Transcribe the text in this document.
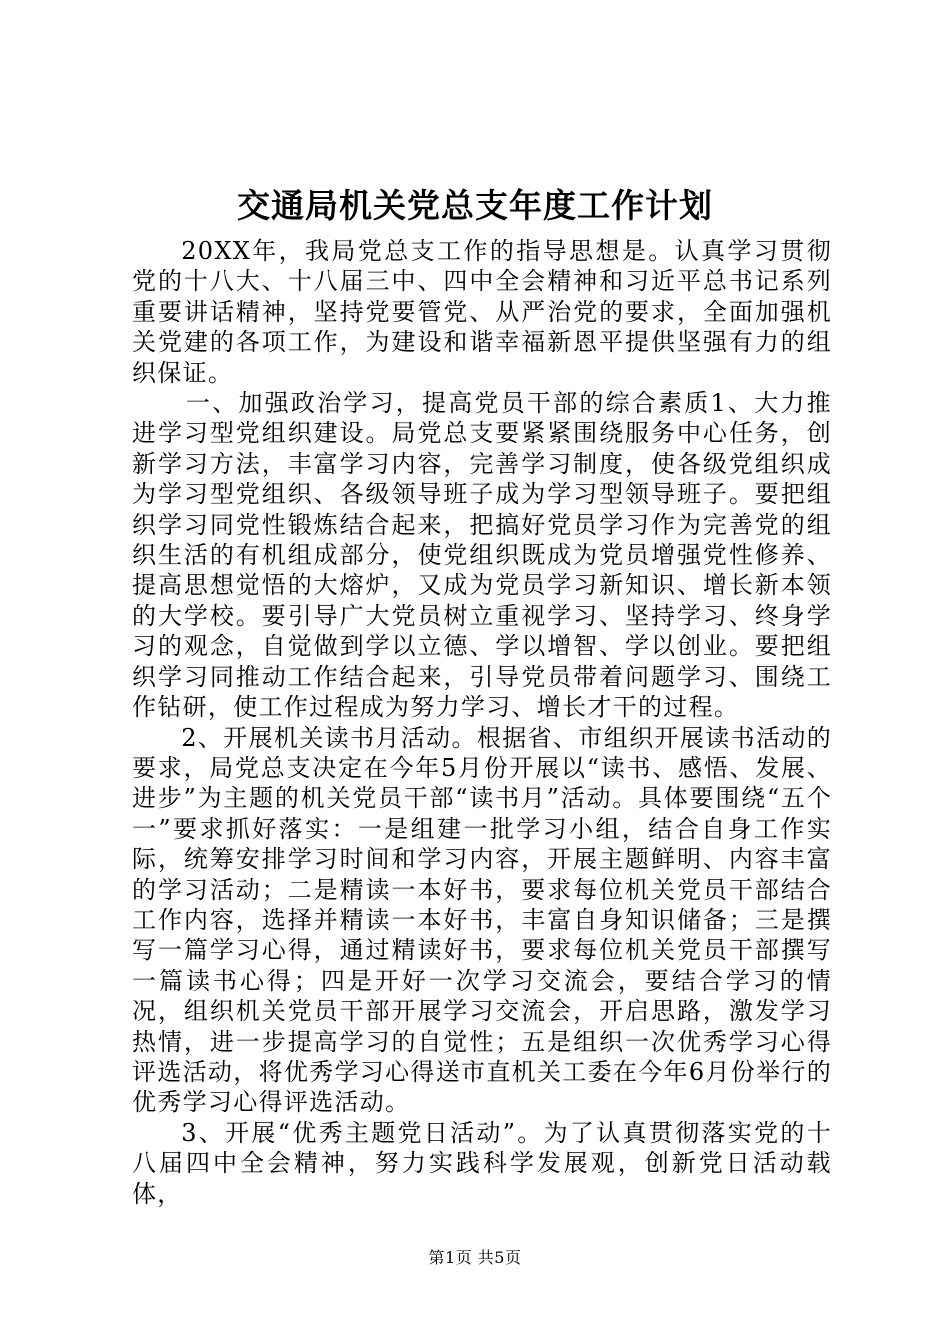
交通局机关党总支年度工作计划

20XX年，我局党总支工作的指导思想是。认真学习贯彻党的十八大、十八届三中、四中全会精神和习近平总书记系列重要讲话精神，坚持党要管党、从严治党的要求，全面加强机关党建的各项工作，为建设和谐幸福新恩平提供坚强有力的组织保证。

一、加强政治学习，提高党员干部的综合素质1、大力推进学习型党组织建设。局党总支要紧紧围绕服务中心任务，创新学习方法，丰富学习内容，完善学习制度，使各级党组织成为学习型党组织、各级领导班子成为学习型领导班子。要把组织学习同党性锻炼结合起来，把搞好党员学习作为完善党的组织生活的有机组成部分，使党组织既成为党员增强党性修养、提高思想觉悟的大熔炉，又成为党员学习新知识、增长新本领的大学校。要引导广大党员树立重视学习、坚持学习、终身学习的观念，自觉做到学以立德、学以增智、学以创业。要把组织学习同推动工作结合起来，引导党员带着问题学习、围绕工作钻研，使工作过程成为努力学习、增长才干的过程。

2、开展机关读书月活动。根据省、市组织开展读书活动的要求，局党总支决定在今年5月份开展以“读书、感悟、发展、进步”为主题的机关党员干部“读书月”活动。具体要围绕“五个一”要求抓好落实：一是组建一批学习小组，结合自身工作实际，统筹安排学习时间和学习内容，开展主题鲜明、内容丰富的学习活动；二是精读一本好书，要求每位机关党员干部结合工作内容，选择并精读一本好书，丰富自身知识储备；三是撰写一篇学习心得，通过精读好书，要求每位机关党员干部撰写一篇读书心得；四是开好一次学习交流会，要结合学习的情况，组织机关党员干部开展学习交流会，开启思路，激发学习热情，进一步提高学习的自觉性；五是组织一次优秀学习心得评选活动，将优秀学习心得送市直机关工委在今年6月份举行的优秀学习心得评选活动。

3、开展“优秀主题党日活动”。为了认真贯彻落实党的十八届四中全会精神，努力实践科学发展观，创新党日活动载体，

第1页 共5页
